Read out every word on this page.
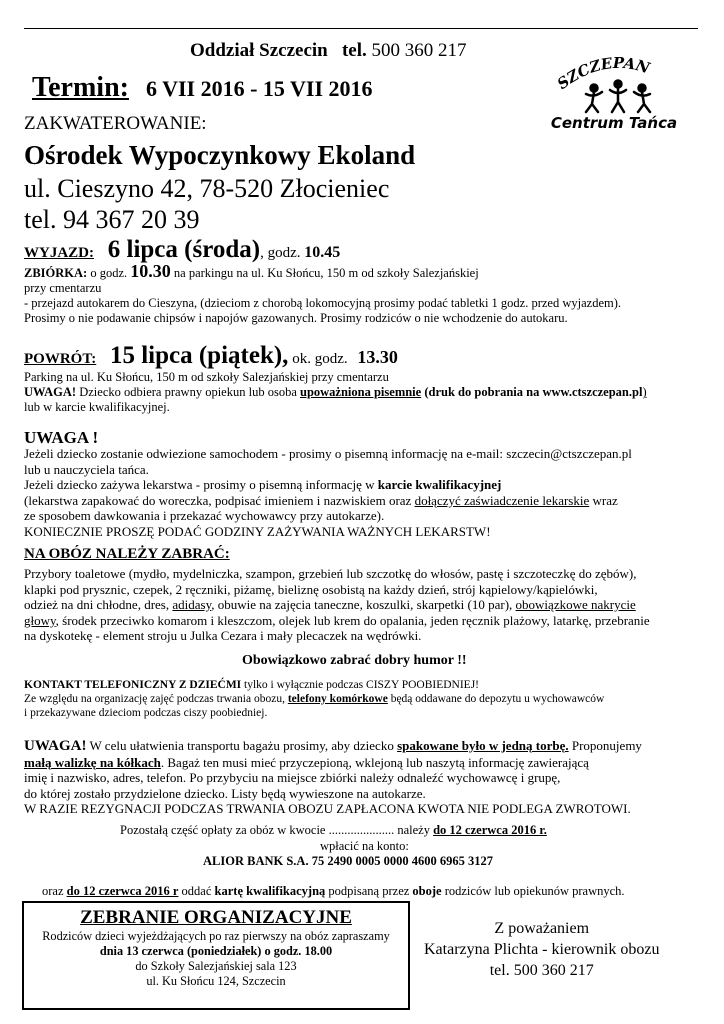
Oddział Szczecin tel. 500 360 217
Termin: 6 VII 2016 - 15 VII 2016	SZCZEPAN
Centrum Tańca
ZAKWATEROWANIE:
Ośrodek Wypoczynkowy Ekoland
ul. Cieszyno 42, 78-520 Złocieniec
tel. 94 367 20 39
WYJAZD: 6 lipca (środa), godz. 10.45

ZBIÓRKA: o godz. 10.30 na parkingu na ul. Ku Słońcu, 150 m od szkoły Salezjańskiej
przy cmentarzu
- przejazd autokarem do Cieszyna, (dzieciom z chorobą lokomocyjną prosimy podać tabletki 1 godz. przed wyjazdem).
Prosimy o nie podawanie chipsów i napojów gazowanych. Prosimy rodziców o nie wchodzenie do autokaru.

POWRÓT: 15 lipca (piątek), ok. godz. 13.30

Parking na ul. Ku Słońcu, 150 m od szkoły Salezjańskiej przy cmentarzu
UWAGA! Dziecko odbiera prawny opiekun lub osoba upoważniona pisemnie (druk do pobrania na www.ctszczepan.pl)
lub w karcie kwalifikacyjnej.

UWAGA !

Jeżeli dziecko zostanie odwiezione samochodem - prosimy o pisemną informację na e-mail: szczecin@ctszczepan.pl
lub u nauczyciela tańca.
Jeżeli dziecko zażywa lekarstwa - prosimy o pisemną informację w karcie kwalifikacyjnej
(lekarstwa zapakować do woreczka, podpisać imieniem i nazwiskiem oraz dołączyć zaświadczenie lekarskie wraz
ze sposobem dawkowania i przekazać wychowawcy przy autokarze).
KONIECZNIE PROSZĘ PODAĆ GODZINY ZAŻYWANIA WAŻNYCH LEKARSTW!

NA OBÓZ NALEŻY ZABRAĆ:

Przybory toaletowe (mydło, mydelniczka, szampon, grzebień lub szczotkę do włosów, pastę i szczoteczkę do zębów),
klapki pod prysznic, czepek, 2 ręczniki, piżamę, bieliznę osobistą na każdy dzień, strój kąpielowy/kąpielówki,
odzież na dni chłodne, dres, adidasy, obuwie na zajęcia taneczne, koszulki, skarpetki (10 par), obowiązkowe nakrycie
głowy, środek przeciwko komarom i kleszczom, olejek lub krem do opalania, jeden ręcznik plażowy, latarkę, przebranie
na dyskotekę - element stroju u Julka Cezara i mały plecaczek na wędrówki.

Obowiązkowo zabrać dobry humor !!

KONTAKT TELEFONICZNY Z DZIEĆMI tylko i wyłącznie podczas CISZY POOBIEDNIEJ!
Ze względu na organizację zajęć podczas trwania obozu, telefony komórkowe będą oddawane do depozytu u wychowawców
i przekazywane dzieciom podczas ciszy poobiedniej.

UWAGA! W celu ułatwienia transportu bagażu prosimy, aby dziecko spakowane było w jedną torbę. Proponujemy
małą walizkę na kółkach. Bagaż ten musi mieć przyczepioną, wklejoną lub naszytą informację zawierającą
imię i nazwisko, adres, telefon. Po przybyciu na miejsce zbiórki należy odnaleźć wychowawcę i grupę,
do której zostało przydzielone dziecko. Listy będą wywieszone na autokarze.
W RAZIE REZYGNACJI PODCZAS TRWANIA OBOZU ZAPŁACONA KWOTA NIE PODLEGA ZWROTOWI.

Pozostałą część opłaty za obóz w kwocie ..................... należy do 12 czerwca 2016 r.
wpłacić na konto:
ALIOR BANK S.A. 75 2490 0005 0000 4600 6965 3127
oraz do 12 czerwca 2016 r oddać kartę kwalifikacyjną podpisaną przez oboje rodziców lub opiekunów prawnych.
ZEBRANIE ORGANIZACYJNE
Rodziców dzieci wyjeżdżających po raz pierwszy na obóz zapraszamy
dnia 13 czerwca (poniedziałek) o godz. 18.00
do Szkoły Salezjańskiej sala 123
ul. Ku Słońcu 124, Szczecin
Z poważaniem
Katarzyna Plichta - kierownik obozu
tel. 500 360 217
